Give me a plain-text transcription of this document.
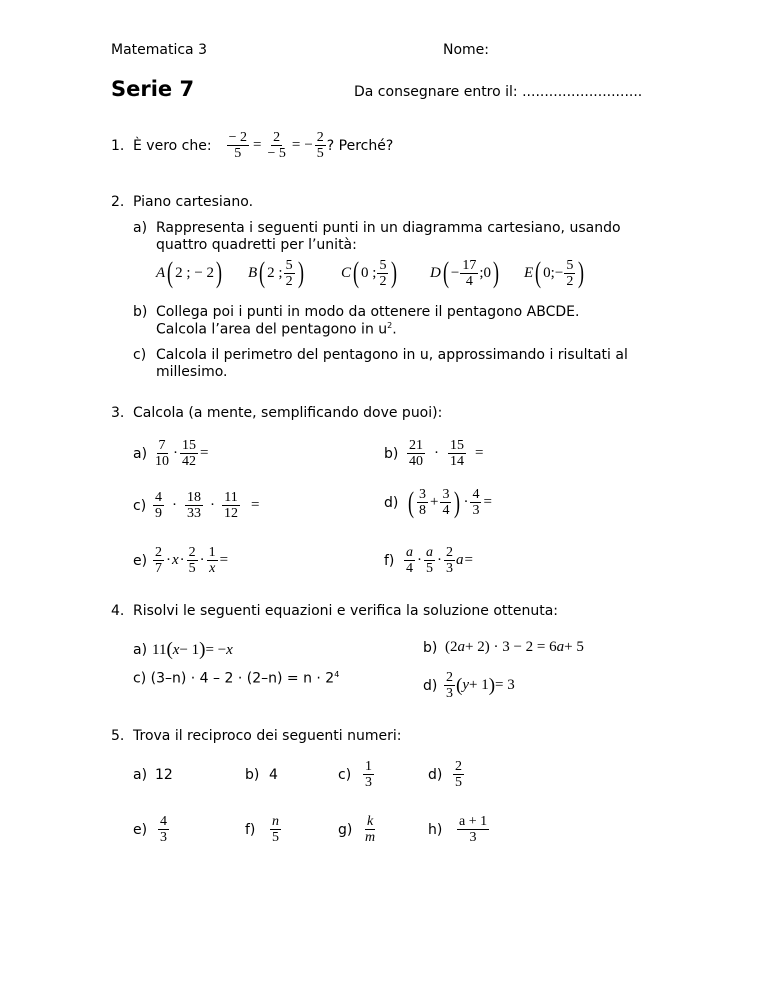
Matematica 3	Nome:
Serie 7	Da consegnare entro il: ...........................
1. È vero che: $\frac{- 2}{5} = \frac{2}{- 5}$ = − $\frac{2}{5}$ ? Perché?
2. Piano cartesiano.
a) Rappresenta i seguenti punti in un diagramma cartesiano, usando
quattro quadretti per l’unità:
A ( 2 ; − 2 ) B ( 2 ; $\frac{5}{2}$ ) C ( 0 ; $\frac{5}{2}$ ) D ( − $\frac{17}{4}$ ;0 ) E ( 0;− $\frac{5}{2}$ )
b) Collega poi i punti in modo da ottenere il pentagono ABCDE.
Calcola l’area del pentagono in $u^2$.
c) Calcola il perimetro del pentagono in u, approssimando i risultati al
millesimo.
3. Calcola (a mente, semplificando dove puoi):
$a) \frac{7}{10} \cdot \frac{15}{42}$ =	$b) \frac{21}{40} \cdot \frac{15}{14}$ =
$c) \frac{4}{9} \cdot \frac{18}{33} \cdot \frac{11}{12}$ =	d) ( $\frac{3}{8} + \frac{3}{4}$ ) · $\frac{4}{3}$ =
$e) \frac{2}{7} \cdot x \cdot \frac{2}{5} \cdot \frac{1}{x}$ =	$f) \frac{a}{4} \cdot \frac{a}{5} \cdot \frac{2}{3}$ a =
4. Risolvi le seguenti equazioni e verifica la soluzione ottenuta:
a) 11 ( x − 1 ) = − x	b) (2 a + 2) · 3 − 2 = 6 a + 5
c) $(3-n) \cdot 4 - 2 \cdot (2-n) = n \cdot 2^4$
$d) \frac{2}{3}$ ( y + 1 ) = 3
5. Trova il reciproco dei seguenti numeri:
a) 12	b) 4	$c) \frac{1}{3}$	$d) \frac{2}{5}$
$e) \frac{4}{3}$	f)	$\frac{n}{5}$	$g) \frac{k}{m}$	h)	$\frac{a + 1}{3}$
